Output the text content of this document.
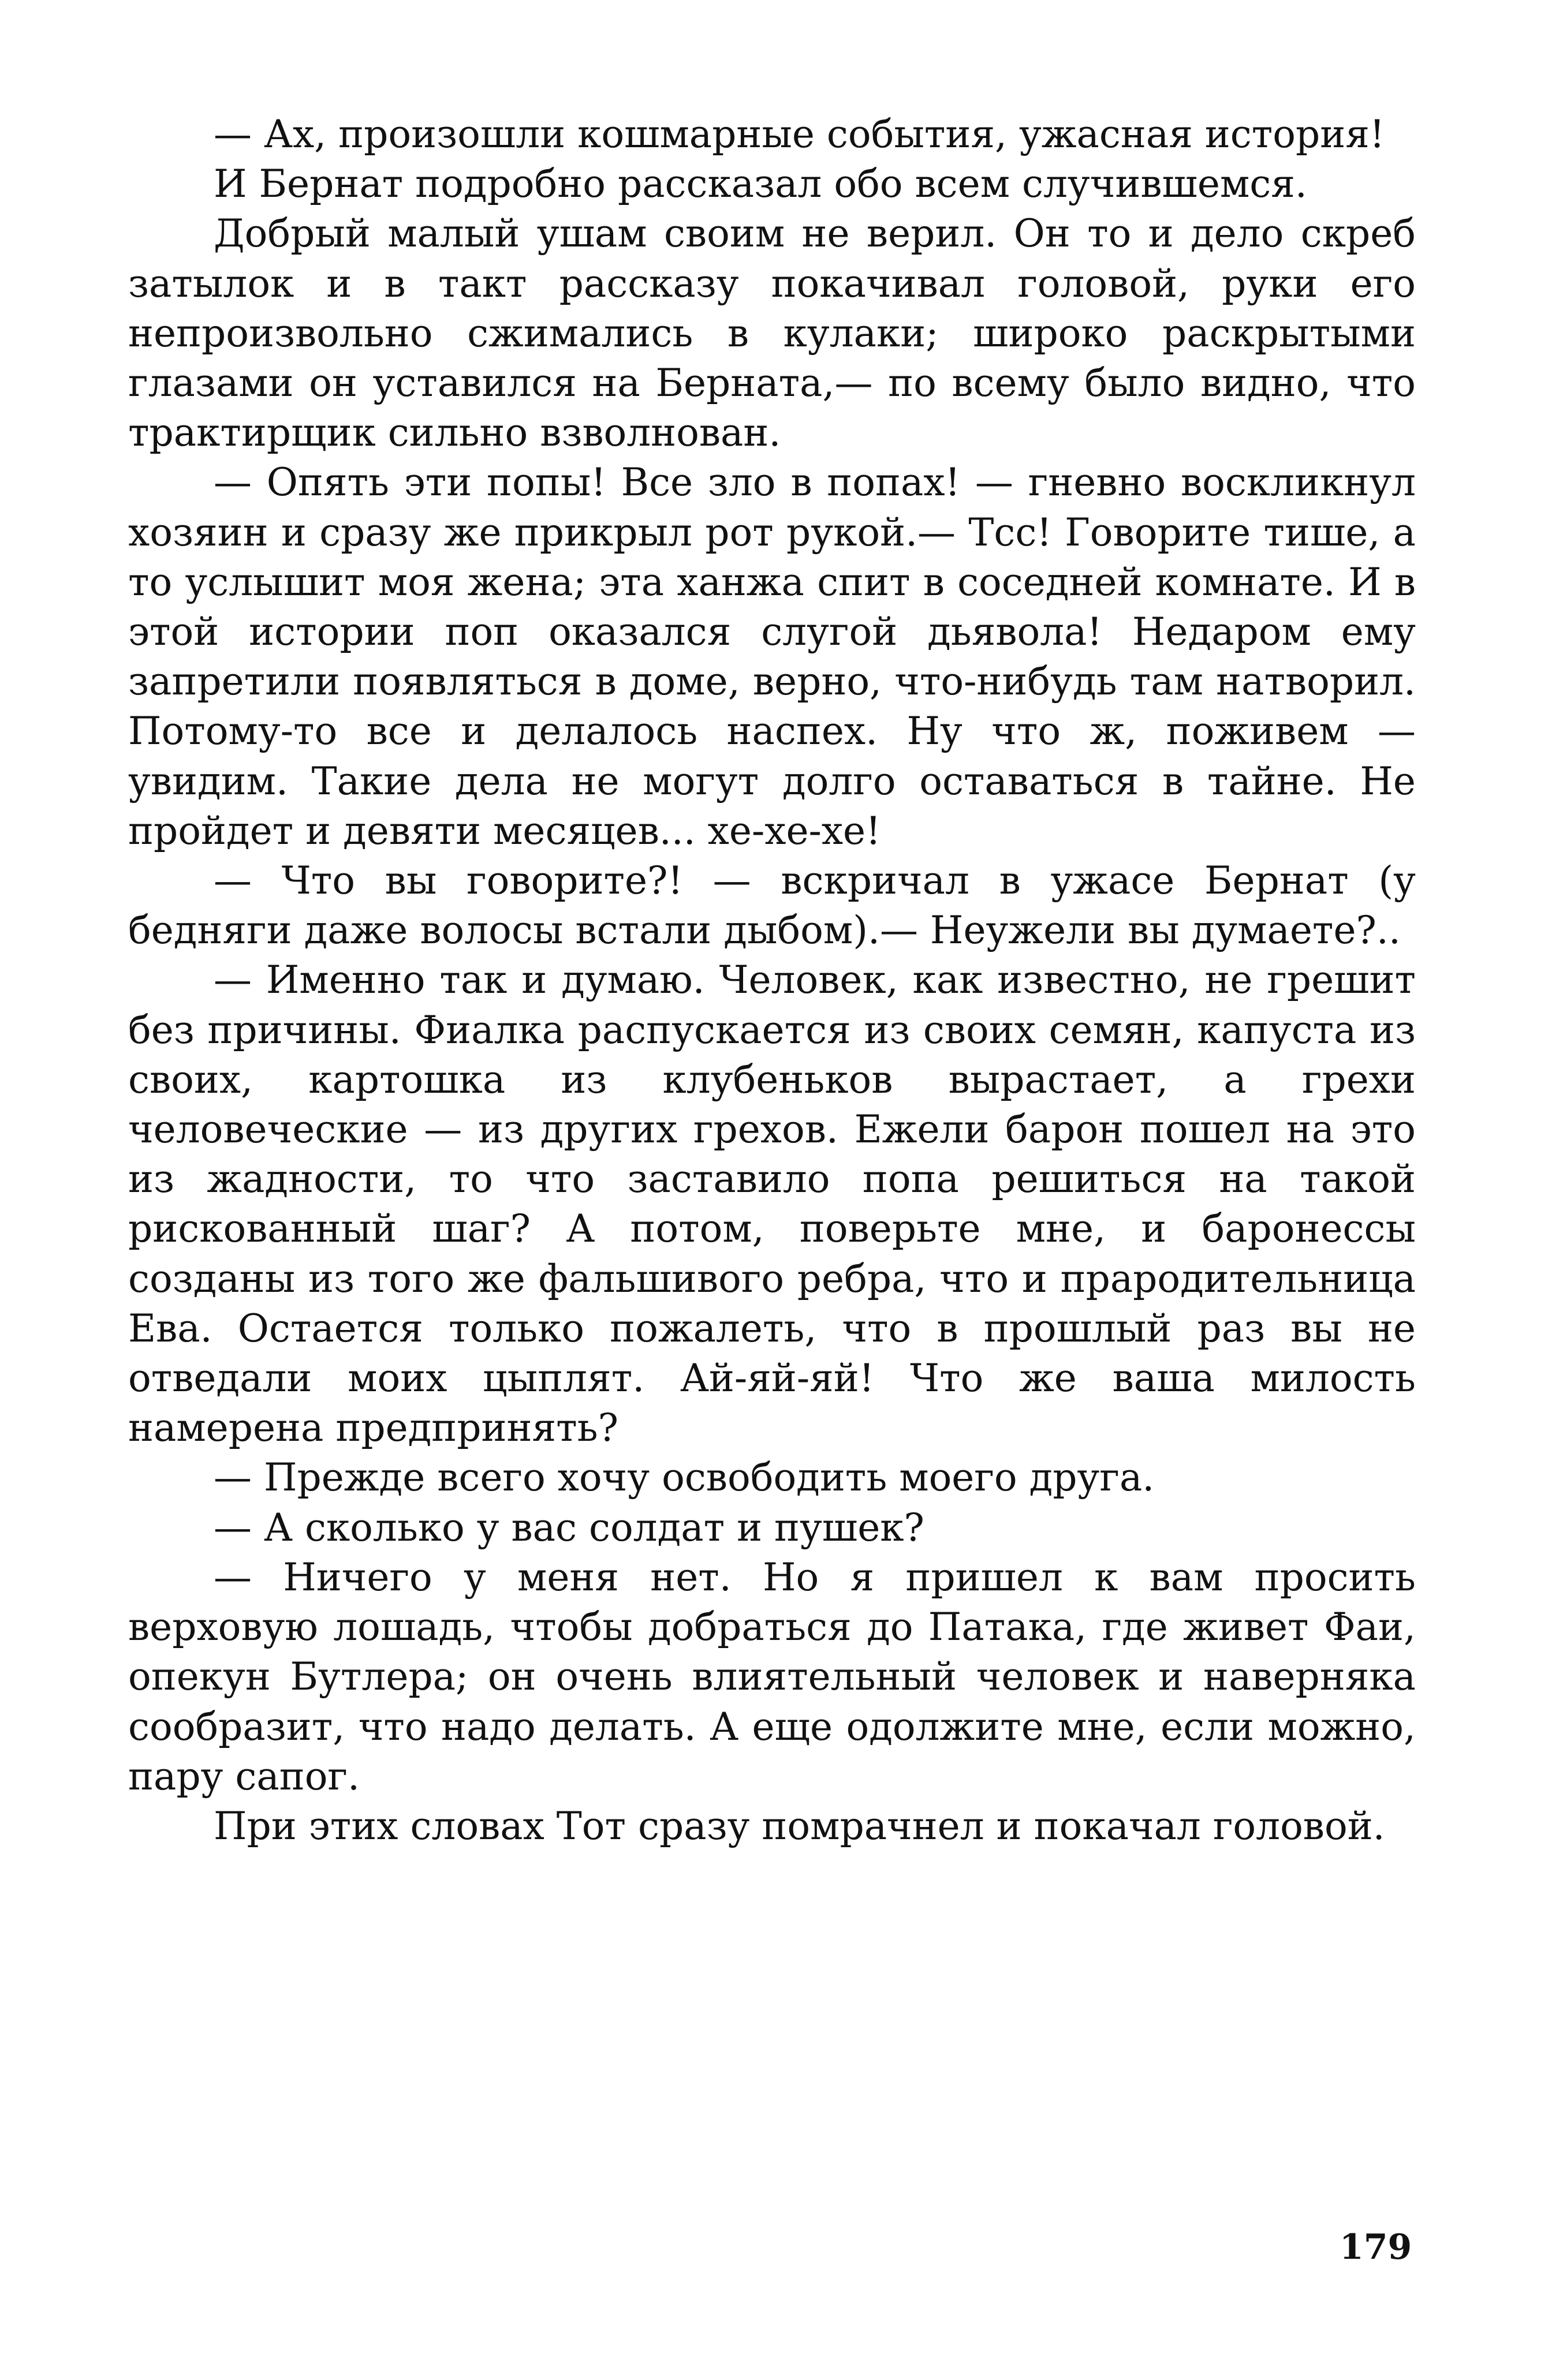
— Ах, произошли кошмарные события, ужасная история!

И Бернат подробно рассказал обо всем случившемся.

Добрый малый ушам своим не верил. Он то и дело скреб затылок и в такт рассказу покачивал головой, руки его непроизвольно сжимались в кулаки; широко раскрытыми глазами он уставился на Берната,— по всему было видно, что трактирщик сильно взволнован.

— Опять эти попы! Все зло в попах! — гневно воскликнул хозяин и сразу же прикрыл рот рукой.— Тсс! Говорите тише, а то услышит моя жена; эта ханжа спит в соседней комнате. И в этой истории поп оказался слугой дьявола! Недаром ему запретили появляться в доме, верно, что-нибудь там натворил. Потому-то все и делалось наспех. Ну что ж, поживем — увидим. Такие дела не могут долго оставаться в тайне. Не пройдет и девяти месяцев... хе-хе-хе!

— Что вы говорите?! — вскричал в ужасе Бернат (у бедняги даже волосы встали дыбом).— Неужели вы думаете?..

— Именно так и думаю. Человек, как известно, не грешит без причины. Фиалка распускается из своих семян, капуста из своих, картошка из клубеньков вырастает, а грехи человеческие — из других грехов. Ежели барон пошел на это из жадности, то что заставило попа решиться на такой рискованный шаг? А потом, поверьте мне, и баронессы созданы из того же фальшивого ребра, что и прародительница Ева. Остается только пожалеть, что в прошлый раз вы не отведали моих цыплят. Ай-яй-яй! Что же ваша милость намерена предпринять?

— Прежде всего хочу освободить моего друга.

— А сколько у вас солдат и пушек?

— Ничего у меня нет. Но я пришел к вам просить верховую лошадь, чтобы добраться до Патака, где живет Фаи, опекун Бутлера; он очень влиятельный человек и наверняка сообразит, что надо делать. А еще одолжите мне, если можно, пару сапог.

При этих словах Тот сразу помрачнел и покачал головой.

179
